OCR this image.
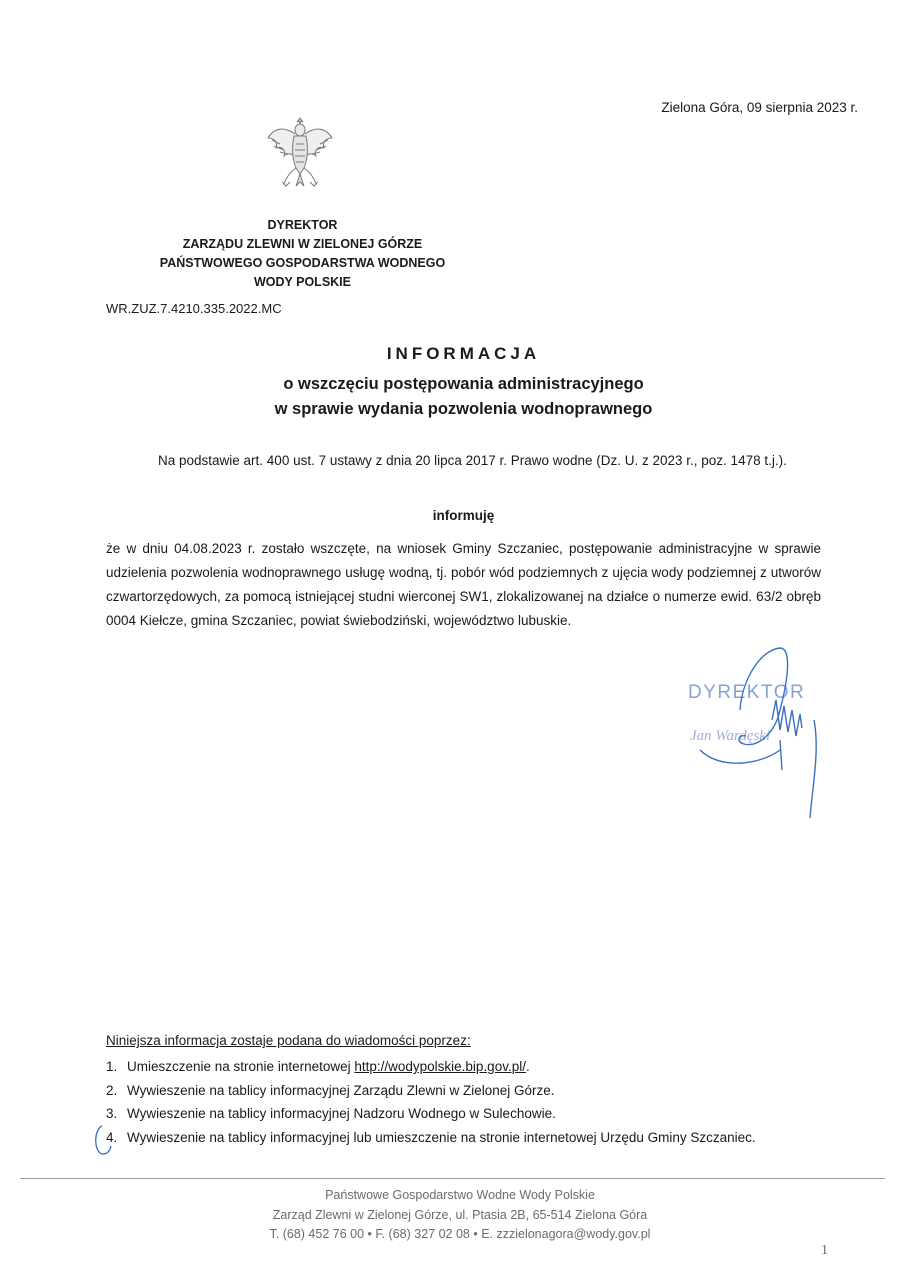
Zielona Góra, 09 sierpnia 2023 r.
DYREKTOR
ZARZĄDU ZLEWNI W ZIELONEJ GÓRZE
PAŃSTWOWEGO GOSPODARSTWA WODNEGO
WODY POLSKIE
WR.ZUZ.7.4210.335.2022.MC
INFORMACJA
o wszczęciu postępowania administracyjnego
w sprawie wydania pozwolenia wodnoprawnego
Na podstawie art. 400 ust. 7 ustawy z dnia 20 lipca 2017 r. Prawo wodne (Dz. U. z 2023 r., poz. 1478 t.j.).
informuję
że w dniu 04.08.2023 r. zostało wszczęte, na wniosek Gminy Szczaniec, postępowanie administracyjne w sprawie udzielenia pozwolenia wodnoprawnego usługę wodną, tj. pobór wód podziemnych z ujęcia wody podziemnej z utworów czwartorzędowych, za pomocą istniejącej studni wierconej SW1, zlokalizowanej na działce o numerze ewid. 63/2 obręb 0004 Kiełcze, gmina Szczaniec, powiat świebodziński, województwo lubuskie.
DYREKTOR
Jan Wardęski
Niniejsza informacja zostaje podana do wiadomości poprzez:
1. Umieszczenie na stronie internetowej http://wodypolskie.bip.gov.pl/.
2. Wywieszenie na tablicy informacyjnej Zarządu Zlewni w Zielonej Górze.
3. Wywieszenie na tablicy informacyjnej Nadzoru Wodnego w Sulechowie.
4. Wywieszenie na tablicy informacyjnej lub umieszczenie na stronie internetowej Urzędu Gminy Szczaniec.
Państwowe Gospodarstwo Wodne Wody Polskie
Zarząd Zlewni w Zielonej Górze, ul. Ptasia 2B, 65-514 Zielona Góra
T. (68) 452 76 00 • F. (68) 327 02 08 • E. zzzielonagora@wody.gov.pl
1
